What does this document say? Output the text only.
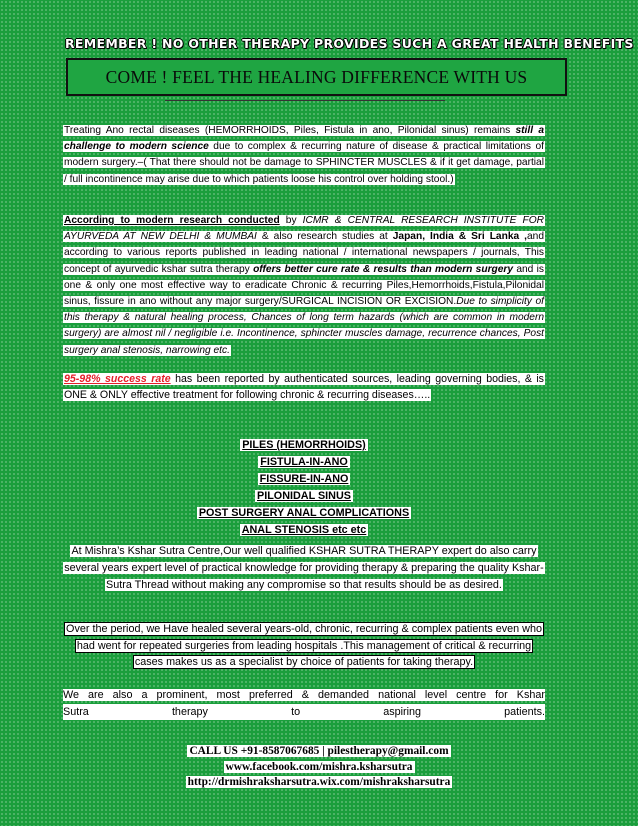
REMEMBER ! NO OTHER THERAPY PROVIDES SUCH A GREAT HEALTH BENEFITS
COME ! FEEL THE HEALING DIFFERENCE WITH US
Treating Ano rectal diseases (HEMORRHOIDS, Piles, Fistula in ano, Pilonidal sinus) remains still a challenge to modern science due to complex & recurring nature of disease & practical limitations of modern surgery.–( That there should not be damage to SPHINCTER MUSCLES & if it get damage, partial / full incontinence may arise due to which patients loose his control over holding stool.)
According to modern research conducted by ICMR & CENTRAL RESEARCH INSTITUTE FOR AYURVEDA AT NEW DELHI & MUMBAI & also research studies at Japan, India & Sri Lanka ,and according to various reports published in leading national / international newspapers / journals, This concept of ayurvedic kshar sutra therapy offers better cure rate & results than modern surgery and is one & only one most effective way to eradicate Chronic & recurring Piles,Hemorrhoids,Fistula,Pilonidal sinus, fissure in ano without any major surgery/SURGICAL INCISION OR EXCISION.Due to simplicity of this therapy & natural healing process, Chances of long term hazards (which are common in modern surgery) are almost nil / negligible i.e. Incontinence, sphincter muscles damage, recurrence chances, Post surgery anal stenosis, narrowing etc.
95-98% success rate has been reported by authenticated sources, leading governing bodies, & is ONE & ONLY effective treatment for following chronic & recurring diseases…..
PILES (HEMORRHOIDS)
FISTULA-IN-ANO
FISSURE-IN-ANO
PILONIDAL SINUS
POST SURGERY ANAL COMPLICATIONS
ANAL STENOSIS etc etc
At Mishra’s Kshar Sutra Centre,Our well qualified KSHAR SUTRA THERAPY expert do also carry several years expert level of practical knowledge for providing therapy & preparing the quality Kshar-Sutra Thread without making any compromise so that results should be as desired.
Over the period, we Have healed several years-old, chronic, recurring & complex patients even who had went for repeated surgeries from leading hospitals .This management of critical & recurring cases makes us as a specialist by choice of patients for taking therapy.
We are also a prominent, most preferred & demanded national level centre for Kshar
Sutra	therapy	to	aspiring	patients.
CALL US +91-8587067685 | pilestherapy@gmail.com
www.facebook.com/mishra.ksharsutra
http://drmishraksharsutra.wix.com/mishraksharsutra
